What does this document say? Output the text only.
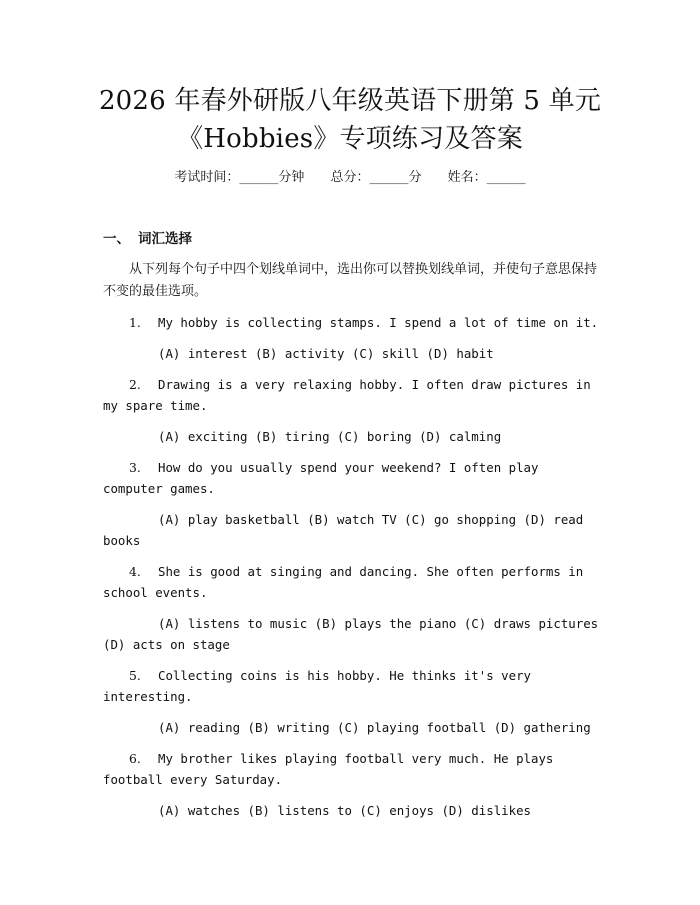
2026 年春外研版八年级英语下册第 5 单元
《Hobbies》专项练习及答案
考试时间：______分钟 总分：______分 姓名：______
一、 词汇选择

从下列每个句子中四个划线单词中，选出你可以替换划线单词，并使句子意思保持不变的最佳选项。

1. My hobby is collecting stamps. I spend a lot of time on it.

(A) interest (B) activity (C) skill (D) habit

2. Drawing is a very relaxing hobby. I often draw pictures in my spare time.

(A) exciting (B) tiring (C) boring (D) calming

3. How do you usually spend your weekend? I often play computer games.

(A) play basketball (B) watch TV (C) go shopping (D) read books

4. She is good at singing and dancing. She often performs in school events.

(A) listens to music (B) plays the piano (C) draws pictures (D) acts on stage

5. Collecting coins is his hobby. He thinks it's very interesting.

(A) reading (B) writing (C) playing football (D) gathering

6. My brother likes playing football very much. He plays football every Saturday.

(A) watches (B) listens to (C) enjoys (D) dislikes
